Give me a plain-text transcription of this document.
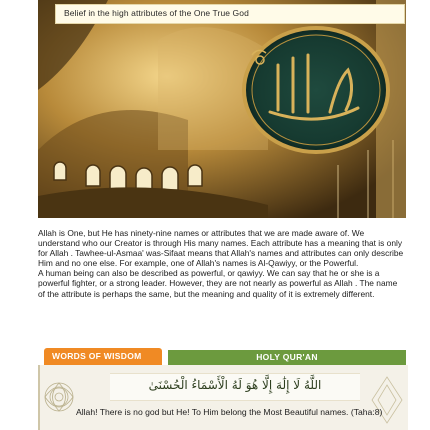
Belief in the high attributes of the One True God

Allah is One, but He has ninety-nine names or attributes that we are made aware of. We understand who our Creator is through His many names. Each attribute has a meaning that is only for Allah . Tawhee-ul-Asmaa' was-Sifaat means that Allah's names and attributes can only describe Him and no one else. For example, one of Allah's names is Al-Qawiyy, or the Powerful.

A human being can also be described as powerful, or qawiyy. We can say that he or she is a powerful fighter, or a strong leader. However, they are not nearly as powerful as Allah . The name of the attribute is perhaps the same, but the meaning and quality of it is extremely different.

WORDS OF WISDOM	HOLY QUR'AN
اللَّهُ لَا إِلَٰهَ إِلَّا هُوَ لَهُ الْأَسْمَاءُ الْحُسْنَىٰ
Allah! There is no god but He! To Him belong the Most Beautiful names. (Taha:8)
